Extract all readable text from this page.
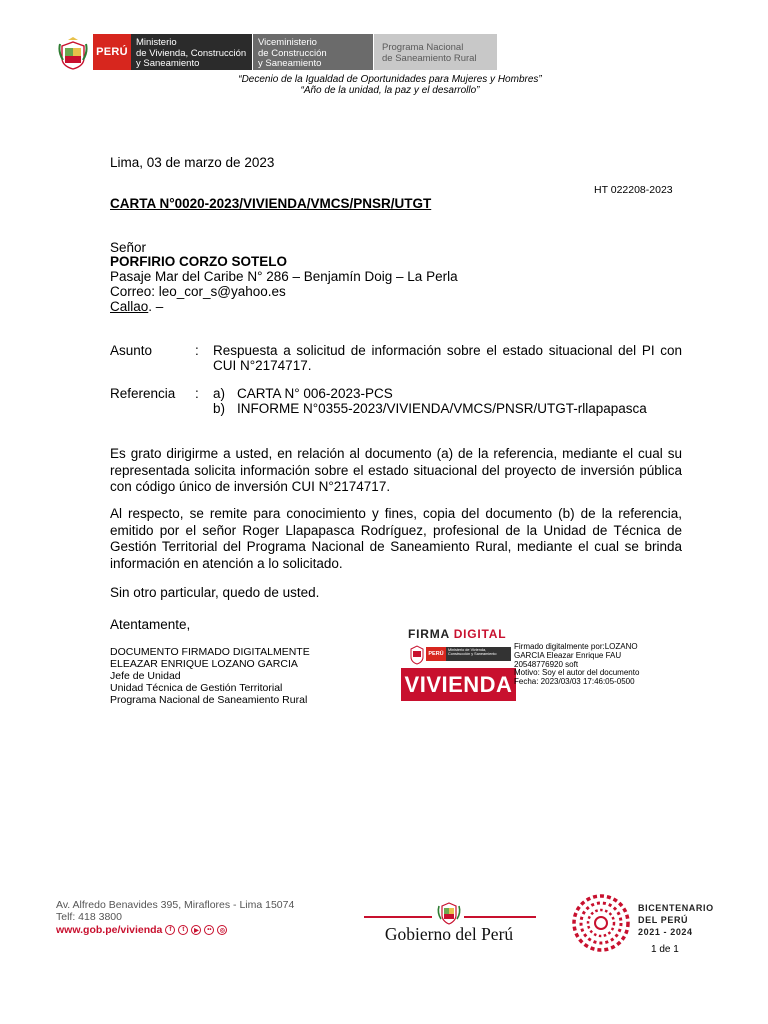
PERÚ
Ministerio
de Vivienda, Construcción
y Saneamiento
Viceministerio
de Construcción
y Saneamiento
Programa Nacional
de Saneamiento Rural
“Decenio de la Igualdad de Oportunidades para Mujeres y Hombres”
“Año de la unidad, la paz y el desarrollo”
Lima, 03 de marzo de 2023
HT 022208-2023
CARTA N°0020-2023/VIVIENDA/VMCS/PNSR/UTGT
Señor
PORFIRIO CORZO SOTELO
Pasaje Mar del Caribe N° 286 – Benjamín Doig – La Perla
Correo: leo_cor_s@yahoo.es
Callao. –
Asunto	: Respuesta a solicitud de información sobre el estado situacional del PI con
CUI N°2174717.
Referencia : a) CARTA N° 006-2023-PCS
b) INFORME N°0355-2023/VIVIENDA/VMCS/PNSR/UTGT-rllapapasca
Es grato dirigirme a usted, en relación al documento (a) de la referencia, mediante el cual su representada solicita información sobre el estado situacional del proyecto de inversión pública con código único de inversión CUI N°2174717.
Al respecto, se remite para conocimiento y fines, copia del documento (b) de la referencia, emitido por el señor Roger Llapapasca Rodríguez, profesional de la Unidad de Técnica de Gestión Territorial del Programa Nacional de Saneamiento Rural, mediante el cual se brinda información en atención a lo solicitado.
Sin otro particular, quedo de usted.
Atentamente,
DOCUMENTO FIRMADO DIGITALMENTE
ELEAZAR ENRIQUE LOZANO GARCIA
Jefe de Unidad
Unidad Técnica de Gestión Territorial
Programa Nacional de Saneamiento Rural
FIRMA DIGITAL
PERÚ
Ministerio de Vivienda, Construcción y Saneamiento
VIVIENDA
Firmado digitalmente por:LOZANO
GARCIA Eleazar Enrique FAU
20548776920 soft
Motivo: Soy el autor del documento
Fecha: 2023/03/03 17:46:05-0500
Av. Alfredo Benavides 395, Miraflores - Lima 15074
Telf: 418 3800
www.gob.pe/vivienda	f	t	▶	••	◎	Gobierno del Perú
BICENTENARIO
DEL PERÚ
2021 - 2024
1 de 1
